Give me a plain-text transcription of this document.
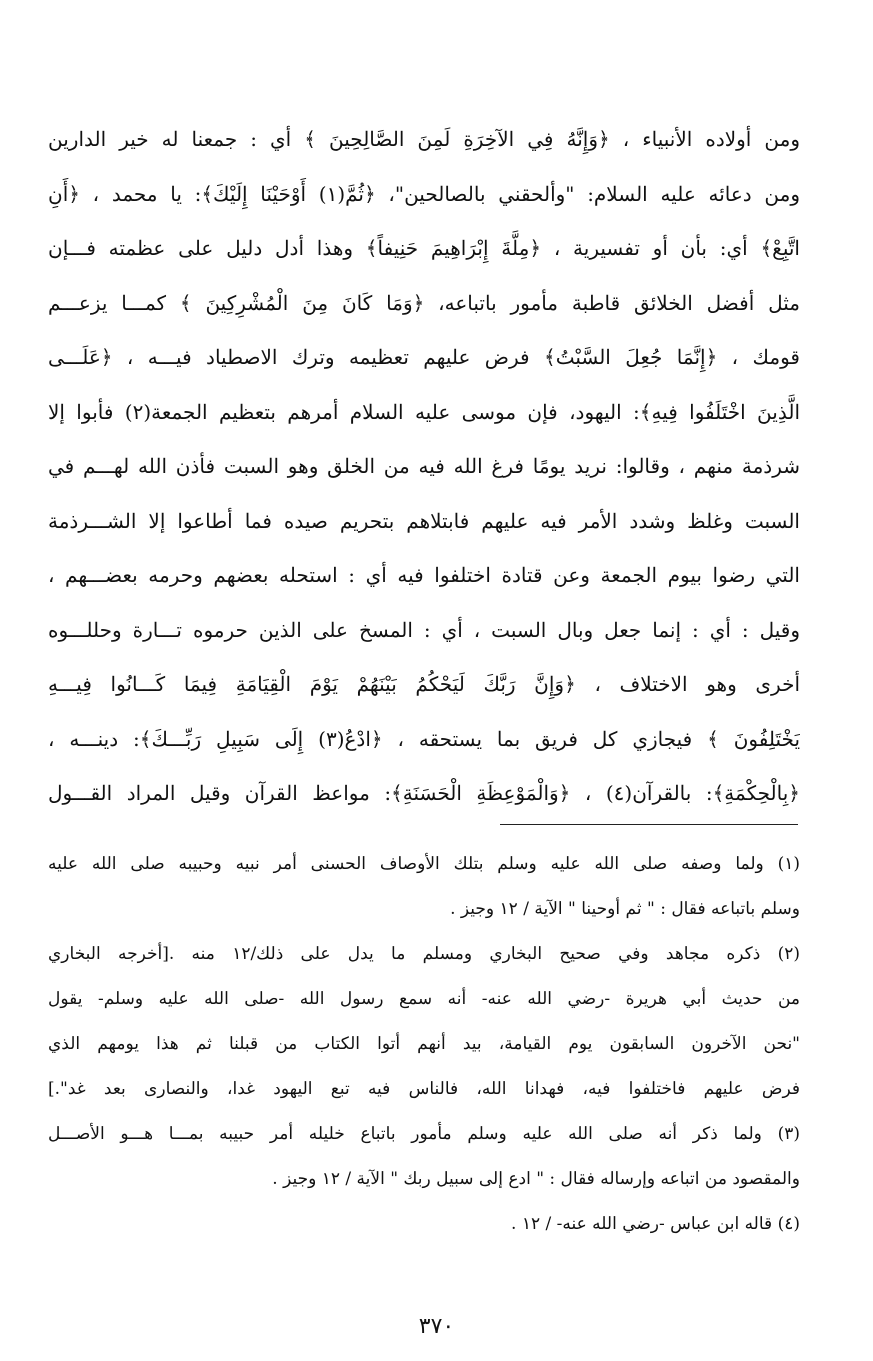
ومن أولاده الأنبياء ، ﴿وَإِنَّهُ فِي الآخِرَةِ لَمِنَ الصَّالِحِينَ ﴾ أي : جمعنا له خير الدارين
ومن دعائه عليه السلام: "وألحقني بالصالحين"، ﴿ثُمَّ(١) أَوْحَيْنَا إِلَيْكَ﴾: يا محمد ، ﴿أَنِ
اتَّبِعْ﴾ أي: بأن أو تفسيرية ، ﴿مِلَّةَ إِبْرَاهِيمَ حَنِيفاً﴾ وهذا أدل دليل على عظمته فـــإن
مثل أفضل الخلائق قاطبة مأمور باتباعه، ﴿وَمَا كَانَ مِنَ الْمُشْرِكِينَ ﴾ كمـــا يزعـــم
قومك ، ﴿إِنَّمَا جُعِلَ السَّبْتُ﴾ فرض عليهم تعظيمه وترك الاصطياد فيـــه ، ﴿عَلَـــى
الَّذِينَ اخْتَلَفُوا فِيهِ﴾: اليهود، فإن موسى عليه السلام أمرهم بتعظيم الجمعة(٢) فأبوا إلا
شرذمة منهم ، وقالوا: نريد يومًا فرغ الله فيه من الخلق وهو السبت فأذن الله لهـــم في
السبت وغلظ وشدد الأمر فيه عليهم فابتلاهم بتحريم صيده فما أطاعوا إلا الشـــرذمة
التي رضوا بيوم الجمعة وعن قتادة اختلفوا فيه أي : استحله بعضهم وحرمه بعضـــهم ،
وقيل : أي : إنما جعل وبال السبت ، أي : المسخ على الذين حرموه تـــارة وحللـــوه
أخرى وهو الاختلاف ، ﴿وَإِنَّ رَبَّكَ لَيَحْكُمُ بَيْنَهُمْ يَوْمَ الْقِيَامَةِ فِيمَا كَـــانُوا فِيـــهِ
يَخْتَلِفُونَ ﴾ فيجازي كل فريق بما يستحقه ، ﴿ادْعُ(٣) إِلَى سَبِيلِ رَبِّـــكَ﴾: دينـــه ،
﴿بِالْحِكْمَةِ﴾: بالقرآن(٤) ، ﴿وَالْمَوْعِظَةِ الْحَسَنَةِ﴾: مواعظ القرآن وقيل المراد القـــول
(١) ولما وصفه صلى الله عليه وسلم بتلك الأوصاف الحسنى أمر نبيه وحبيبه صلى الله عليه
وسلم باتباعه فقال : " ثم أوحينا " الآية / ١٢ وجيز .
(٢) ذكره مجاهد وفي صحيح البخاري ومسلم ما يدل على ذلك/١٢ منه .[أخرجه البخاري
من حديث أبي هريرة -رضي الله عنه- أنه سمع رسول الله -صلى الله عليه وسلم- يقول
"نحن الآخرون السابقون يوم القيامة، بيد أنهم أتوا الكتاب من قبلنا ثم هذا يومهم الذي
فرض عليهم فاختلفوا فيه، فهدانا الله، فالناس فيه تبع اليهود غدا، والنصارى بعد غد".]
(٣) ولما ذكر أنه صلى الله عليه وسلم مأمور باتباع خليله أمر حبيبه بمـــا هـــو الأصـــل
والمقصود من اتباعه وإرساله فقال : " ادع إلى سبيل ربك " الآية / ١٢ وجيز .
(٤) قاله ابن عباس -رضي الله عنه- / ١٢ .
٣٧٠
